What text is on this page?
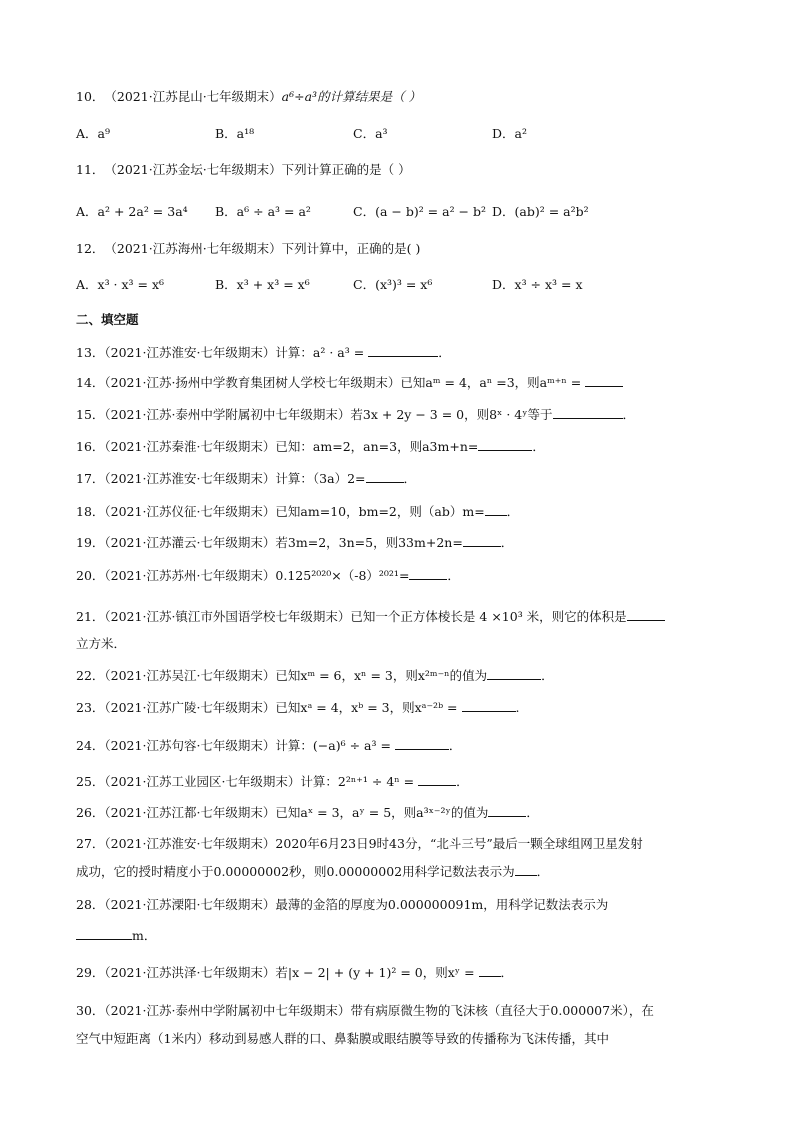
10．（2021·江苏昆山·七年级期末）a⁶÷a³的计算结果是（ ）
A．a⁹	B．a¹⁸	C．a³	D．a²
11．（2021·江苏金坛·七年级期末）下列计算正确的是（ ）
A．a² + 2a² = 3a⁴ B．a⁶ ÷ a³ = a²	C．(a − b)² = a² − b² D．(ab)² = a²b²
12．（2021·江苏海州·七年级期末）下列计算中，正确的是( )
A．x³ · x³ = x⁶	B．x³ + x³ = x⁶	C．(x³)³ = x⁶	D．x³ ÷ x³ = x
二、填空题
13．（2021·江苏淮安·七年级期末）计算：a² · a³ =	．
14．（2021·江苏·扬州中学教育集团树人学校七年级期末）已知aᵐ = 4，aⁿ =3，则aᵐ⁺ⁿ =
15．（2021·江苏·泰州中学附属初中七年级期末）若3x + 2y − 3 = 0，则8ˣ · 4ʸ等于	．
16．（2021·江苏秦淮·七年级期末）已知：am=2，an=3，则a3m+n=	．
17．（2021·江苏淮安·七年级期末）计算：（3a）2=	．
18．（2021·江苏仪征·七年级期末）已知am=10，bm=2，则（ab）m= ．
19．（2021·江苏灌云·七年级期末）若3m=2，3n=5，则33m+2n=	．
20．（2021·江苏苏州·七年级期末）0.125²⁰²⁰×（-8）²⁰²¹=	．
21．（2021·江苏·镇江市外国语学校七年级期末）已知一个正方体棱长是 4 ×10³ 米，则它的体积是
立方米．
22．（2021·江苏吴江·七年级期末）已知xᵐ = 6，xⁿ = 3，则x²ᵐ⁻ⁿ的值为	．
23．（2021·江苏广陵·七年级期末）已知xᵃ = 4，xᵇ = 3，则xᵃ⁻²ᵇ =	.
24．（2021·江苏句容·七年级期末）计算：(−a)⁶ ÷ a³ =	．
25．（2021·江苏工业园区·七年级期末）计算：2²ⁿ⁺¹ ÷ 4ⁿ =	．
26．（2021·江苏江都·七年级期末）已知aˣ = 3，aʸ = 5，则a³ˣ⁻²ʸ的值为	．
27．（2021·江苏淮安·七年级期末）2020年6月23日9时43分，“北斗三号”最后一颗全球组网卫星发射
成功，它的授时精度小于0.00000002秒，则0.00000002用科学记数法表示为 ．
28．（2021·江苏溧阳·七年级期末）最薄的金箔的厚度为0.000000091m，用科学记数法表示为
m．
29．（2021·江苏洪泽·七年级期末）若|x − 2| + (y + 1)² = 0，则xʸ = ．
30．（2021·江苏·泰州中学附属初中七年级期末）带有病原微生物的飞沫核（直径大于0.000007米），在
空气中短距离（1米内）移动到易感人群的口、鼻黏膜或眼结膜等导致的传播称为飞沫传播，其中
